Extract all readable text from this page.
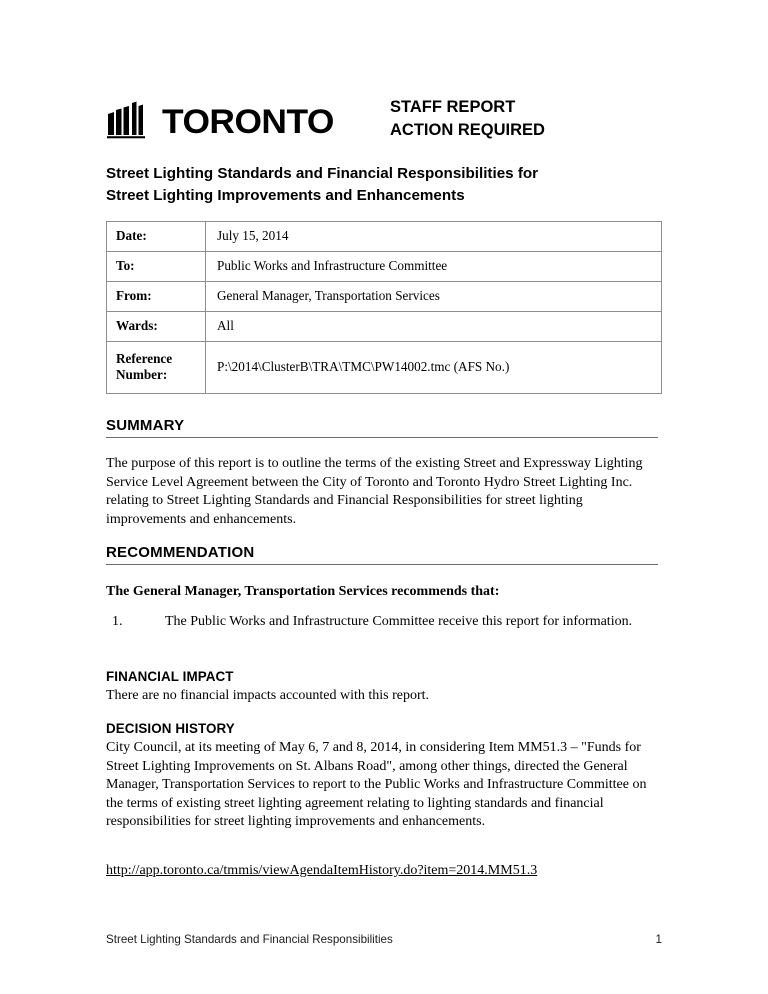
TORONTO	STAFF REPORT
ACTION REQUIRED
Street Lighting Standards and Financial Responsibilities for
Street Lighting Improvements and Enhancements
Date:	July 15, 2014
To:	Public Works and Infrastructure Committee
From:	General Manager, Transportation Services
Wards:	All

Reference
Number:	P:\2014\ClusterB\TRA\TMC\PW14002.tmc (AFS No.)
SUMMARY
The purpose of this report is to outline the terms of the existing Street and Expressway Lighting Service Level Agreement between the City of Toronto and Toronto Hydro Street Lighting Inc. relating to Street Lighting Standards and Financial Responsibilities for street lighting improvements and enhancements.
RECOMMENDATION
The General Manager, Transportation Services recommends that:
1.	The Public Works and Infrastructure Committee receive this report for information.
FINANCIAL IMPACT
There are no financial impacts accounted with this report.
DECISION HISTORY
City Council, at its meeting of May 6, 7 and 8, 2014, in considering Item MM51.3 – "Funds for Street Lighting Improvements on St. Albans Road", among other things, directed the General Manager, Transportation Services to report to the Public Works and Infrastructure Committee on the terms of existing street lighting agreement relating to lighting standards and financial responsibilities for street lighting improvements and enhancements.
http://app.toronto.ca/tmmis/viewAgendaItemHistory.do?item=2014.MM51.3
Street Lighting Standards and Financial Responsibilities	1
